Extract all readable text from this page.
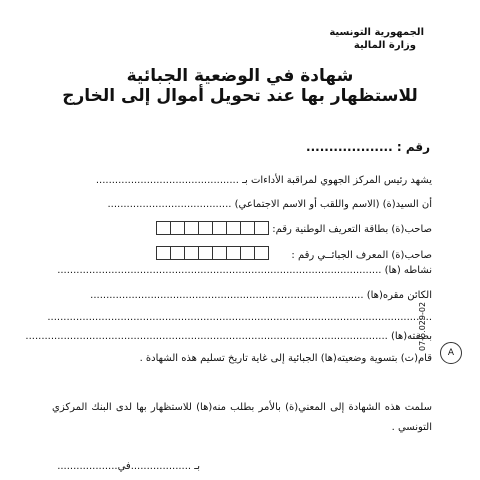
الجمهورية التونسية
وزارة المالية
شهادة في الوضعية الجبائية
للاستظهار بها عند تحويل أموال إلى الخارج
رقم : ...................
يشهد رئيس المركز الجهوي لمراقبة الأداءات بـ .............................................
أن السيد(ة) (الاسم واللقب أو الاسم الاجتماعي) .......................................
صاحب(ة) بطاقة التعريف الوطنية رقم:
صاحب(ة) المعرف الجبائــي رقم :
نشاطه (ها) ......................................................................................................
الكائن مقره(ها) ......................................................................................
.........................................................................................................................
بصفته(ها) ..................................................................................................................
قام(ت) بتسوية وضعيته(ها) الجبائية إلى غاية تاريخ تسليم هذه الشهادة .
07-5.029-02
A
سلمت هذه الشهادة إلى المعني(ة) بالأمر بطلب منه(ها) للاستظهار بها لدى البنك المركزي التونسي .
بـ ...................في...................
